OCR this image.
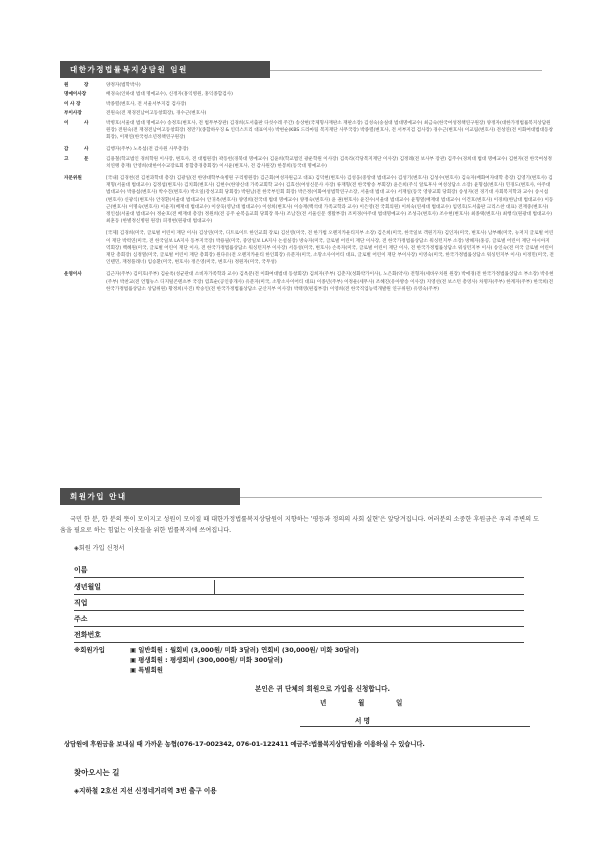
대한가정법률복지상담원 임원
원 장	양정자(법학박사)
명예이사장	배경숙(인하대 법대 명예교수), 신정자(홍익병원, 홍익종합검사)
이 사 장	박종렬(변호사, 전 서울서부지검 검사장)
부이사장	전원숙(전 재경전남여고동창회장), 경수근(변호사)
이 사	박병호(서울대 법대 명예교수) 송정호(변호사, 전 법무부장관) 김경희(도서출판 다섯수레 주간) 송상현(국제형사재판소 재판소장) 김성숙(숭실대 법대명예교수) 최금숙(한국여성정책연구원장) 양정자(대한가정법률복지상담원 원장) 전원숙(전 재경전남여고동창회장) 정만기(종합하우징 & 인더스트리 대표이사) 박현순(KBS 드라마팀 복지재단 사무국장) 박종렬(변호사, 전 서부지검 검사장) 경수근(변호사) 이교림(변호사) 전성연(전 이화여대법대동창회장), 이재연(한국청소년정책연구원장)
감 사	김행자(주부) 노옥섭(전 감사원 사무총장)
고 문	김용철(학교법인 경희학원 이사장, 변호사, 전 대법원장) 곽동헌(경북대 명예교수) 김윤희(학교법인 광운학원 이사장) 김옥라(각당복지재단 이사장) 김정례(전 보사부 장관) 김주수(경희대 법대 명예교수) 김현자(전 한국여성정치연맹 총재) 안영희(대한어수교장로회 통합총경총회장) 이시윤(변호사, 전 감사원장) 한봉희(동국대 명예교수)
자문위원	[국내] 김경천(전 김천과학대 총장) 김광일(전 한양대학부속병원 구리병원장) 김근회(여성자원금고 대표) 김덕현(변호사) 김성웅(중앙대 법대교수) 김성기(변호사) 김성수(변호사) 김숙자(배화여자대학 총장) 김영기(변호사) 김재형(서울대 법대교수) 김정섭(변호사) 김치회(변호사) 김현수(한양신대 가족교회학 교수) 김효선(여성신문사 사장) 류재형(전 한국방송 부회장) 윤은희(주식 알토후사 여성상담소 소장) 윤형섭(변호사) 민경도(변호사, 아주대 법대교수) 박용섭(변호사) 박수진(변호사) 박오일(강성고회 당회장) 박원남(전 한국부인회 회장) 박은정(이화여성법학연구소장, 서울대 법대 교수) 서재일(동국 영양교회 당회장) 송성자(전 경기대 사회복지학과 교수) 송시섭(변호사) 신광식(변호사) 안경환(서울대 법대교수) 안귀옥(변호사) 양영희(전국대 법대 명예교수) 양정숙(변호사) 윤 권(변호사) 윤진수(서울대 법대교수) 윤형열(배재대 법대교수) 이건호(변호사) 이경희(한남대 법대교수) 이동근(변호사) 이명숙(변호사) 이윤지(배재대 법대교수) 이상욱(영남대 법대교수) 이성희(변호사) 이승재(백석대 가족교학과 교수) 이은영(전 국회의원) 이희숙(연세대 법대교수) 임영호(도서출판 크리스찬 대표) 전재중(변호사) 정인섭(서울대 법대교수) 정순호(전 배재대 총장) 정원희(전 공주 순복음교회 당회장 목사) 조남진(전 서울신문 생활부장) 조미경(아주대 법대명예교수) 조성극(변호사) 조수현(변호사) 최종택(변호사) 최행식(원광대 법대교수) 최훈동 (한별정신병원 원장) 피정현(원광대 법대교수)
[국제] 김경희(미국, 글로벌 어린이 재단 이사) 김상연(미국, 디트로이트 한인교회 장로) 김선영(미국, 전 한가법 오렌지카운티지부 소장) 김은희(미국, 한국일보 객원기자) 김인자(미국, 변호사) 남부혜(미국, 뉴저지 글로벌 어린이 재단 박력연(미국, 전 한국일보 LA지사 동부지국장) 박용필(미국, 중앙일보 LA지사 논설실장) 방숙자(미국, 글로벌 어린이 재단 이사장, 전 한국가정법률상담소 워싱턴지부 소장) 방혜자(홍콩, 글로벌 어린이 재단 아시아지역회장) 백혜원(미국, 글로벌 어린이 재단 이사, 전 한국가정법률상담소 워싱턴지부 이사장) 서동성(미국, 변호사) 손옥자(미국, 글로벌 어린이 재단 이사, 전 한국가정법률상담소 워싱턴지부 이사) 송인숙(전 미국 글로벌 어린이 재단 총회장) 심정열(미국, 글로벌 어린이 재단 총회장) 원다유(전 오렌지카운티 한인회장) 유분자(미국, 소망소사이어티 대표, 글로벌 어린이 재단 부이사장) 이영숙(미국, 한국가정법률상담소 워싱턴지부 이사) 이정민(미국, 전 인텐민, 재정플래너) 임승환(미국, 변호사) 정은영(미국, 변호사) 정원자(미국, 국무성)
운영이사	김근자(주부) 김미호(주부) 김순옥(성균관대 소비자가족학과 교수) 김옥분(전 이화여대법대 동창회장) 김희자(주부) 김춘지(성화약가이사), 노은화(약사) 전형자(세바우치원 원장) 박애경(전 한국가정법률상담소 부소장) 박유현(주부) 박찬교(전 언협뉴스 디지털콘텐츠부 국장) 염효순(공인중개사) 유분자(미국, 소망소사이어티 대표) 이종년(주부) 이정운(세무사) 조혜진(유아방송 이사장) 지영선(전 보스턴 총영사) 차명자(주부) 한계자(주부) 한국희(전 한국가정법률상담소 상담위원) 황정희(사진) 박숭인(전 한국가정법률상담소 군산지부 이사장) 박태영(편집부장) 이영희(전 한국직업능력개발원 연구위원) 유영숙(주부)
회원가입 안내
국민 한 분, 한 분의 뜻이 모이지고 성원이 모이질 때 대한가정법률복지상담원이 지향하는 '평등과 정의의 사회 실현'은 앞당겨집니다. 여러분의 소중한 후원금은 우리 주변의 도움을 필요로 하는 힘없는 이웃들을 위한 법률복지에 쓰여집니다.
◈회원 가입 신청서
이름
생년월일
직업
주소
전화번호
※회원가입	▣ 일반회원 : 월회비 (3,000원/ 미화 3달러) 연회비 (30,000원/ 미화 30달러)
▣ 평생회원 : 평생회비 (300,000원/ 미화 300달러)
▣ 특별회원
본인은 귀 단체의 회원으로 가입을 신청합니다.
년	월	일
서 명
상담원에 후원금을 보내실 때 가까운 농협(076-17-002342, 076-01-122411 예금주:법률복지상담원)을 이용하실 수 있습니다.
찾아오시는 길
◈지하철 2호선 지선 신정네거리역 3번 출구 이용
